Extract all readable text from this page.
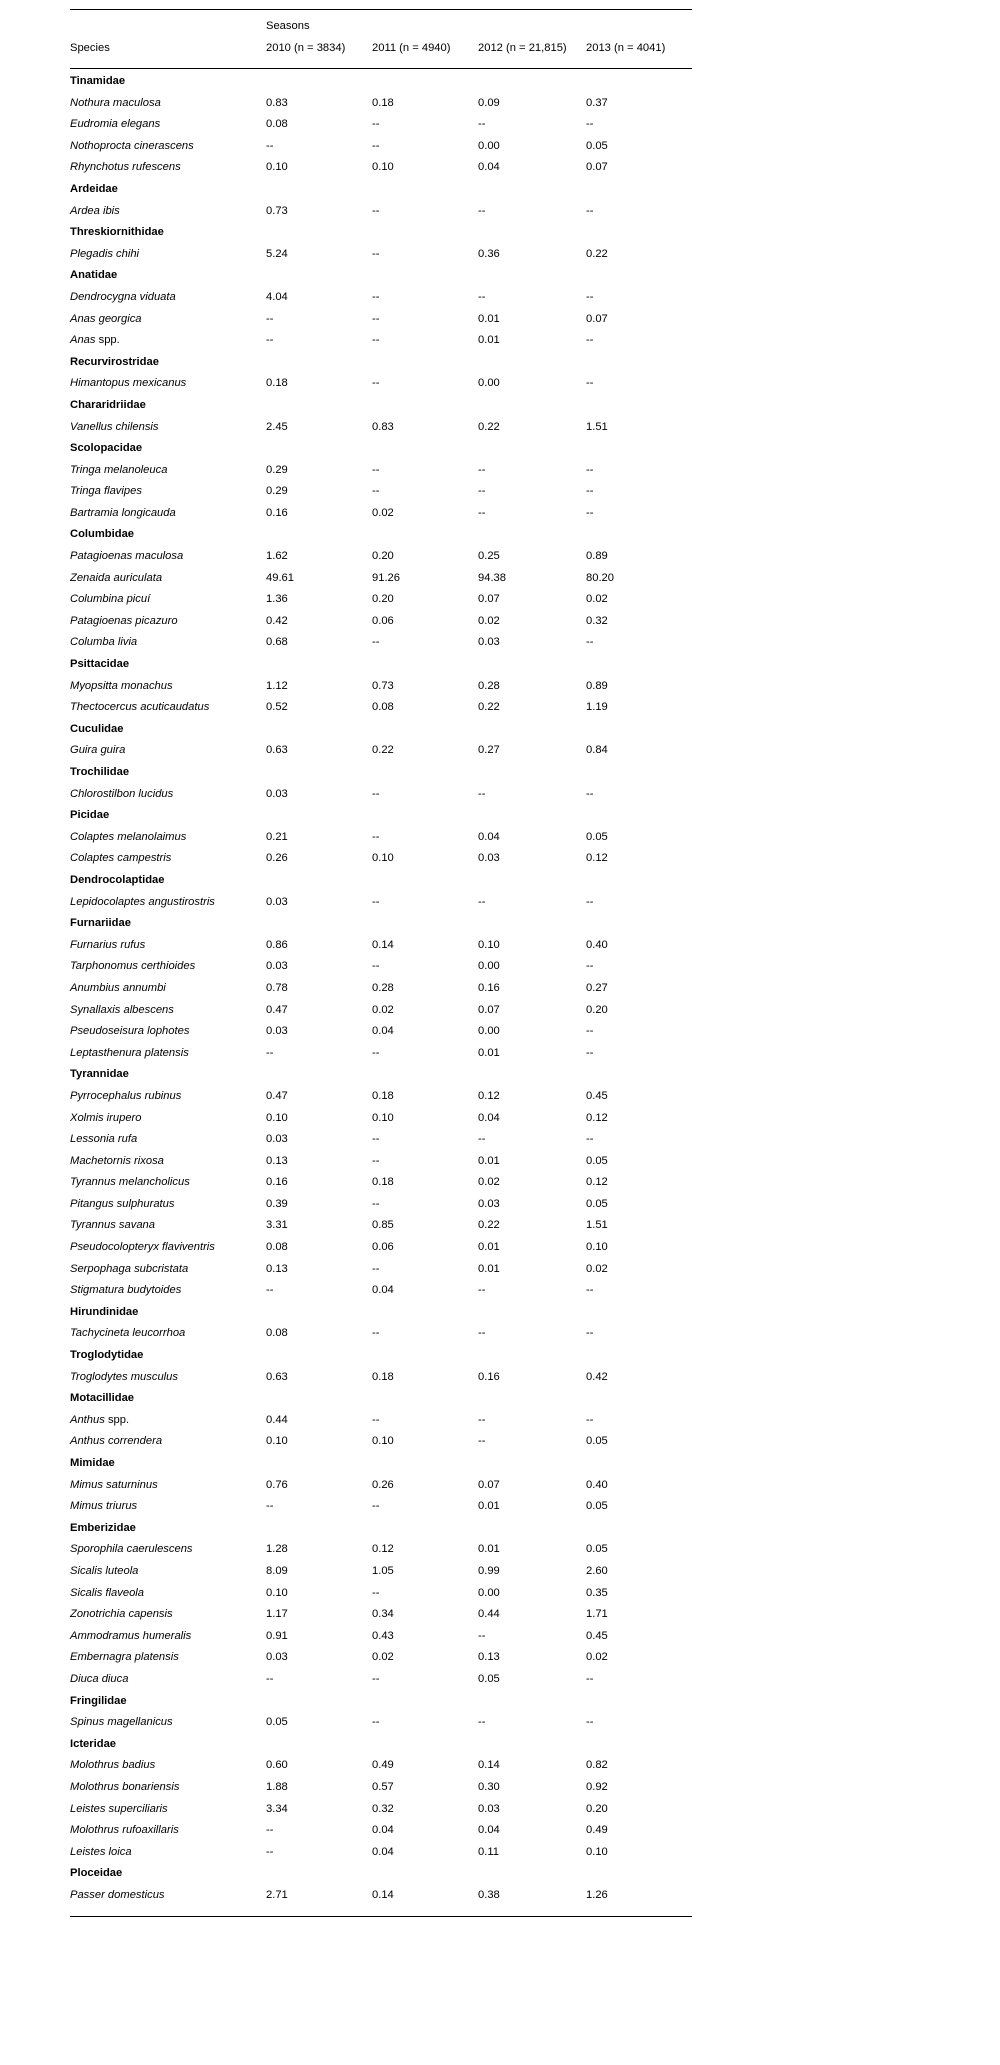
	Seasons			
Species	2010 (n = 3834)	2011 (n = 4940)	2012 (n = 21,815)	2013 (n = 4041)

Tinamidae				
Nothura maculosa	0.83	0.18	0.09	0.37
Eudromia elegans	0.08	--	--	--
Nothoprocta cinerascens	--	--	0.00	0.05
Rhynchotus rufescens	0.10	0.10	0.04	0.07
Ardeidae				
Ardea ibis	0.73	--	--	--
Threskiornithidae				
Plegadis chihi	5.24	--	0.36	0.22
Anatidae				
Dendrocygna viduata	4.04	--	--	--
Anas georgica	--	--	0.01	0.07
Anas spp.	--	--	0.01	--
Recurvirostridae				
Himantopus mexicanus	0.18	--	0.00	--
Chararidriidae				
Vanellus chilensis	2.45	0.83	0.22	1.51
Scolopacidae				
Tringa melanoleuca	0.29	--	--	--
Tringa flavipes	0.29	--	--	--
Bartramia longicauda	0.16	0.02	--	--
Columbidae				
Patagioenas maculosa	1.62	0.20	0.25	0.89
Zenaida auriculata	49.61	91.26	94.38	80.20
Columbina picuí	1.36	0.20	0.07	0.02
Patagioenas picazuro	0.42	0.06	0.02	0.32
Columba livia	0.68	--	0.03	--
Psittacidae				
Myopsitta monachus	1.12	0.73	0.28	0.89
Thectocercus acuticaudatus	0.52	0.08	0.22	1.19
Cuculidae				
Guira guira	0.63	0.22	0.27	0.84
Trochilidae				
Chlorostilbon lucidus	0.03	--	--	--
Picidae				
Colaptes melanolaimus	0.21	--	0.04	0.05
Colaptes campestris	0.26	0.10	0.03	0.12
Dendrocolaptidae				
Lepidocolaptes angustirostris	0.03	--	--	--
Furnariidae				
Furnarius rufus	0.86	0.14	0.10	0.40
Tarphonomus certhioides	0.03	--	0.00	--
Anumbius annumbi	0.78	0.28	0.16	0.27
Synallaxis albescens	0.47	0.02	0.07	0.20
Pseudoseisura lophotes	0.03	0.04	0.00	--
Leptasthenura platensis	--	--	0.01	--
Tyrannidae				
Pyrrocephalus rubinus	0.47	0.18	0.12	0.45
Xolmis irupero	0.10	0.10	0.04	0.12
Lessonia rufa	0.03	--	--	--
Machetornis rixosa	0.13	--	0.01	0.05
Tyrannus melancholicus	0.16	0.18	0.02	0.12
Pitangus sulphuratus	0.39	--	0.03	0.05
Tyrannus savana	3.31	0.85	0.22	1.51
Pseudocolopteryx flaviventris	0.08	0.06	0.01	0.10
Serpophaga subcristata	0.13	--	0.01	0.02
Stigmatura budytoides	--	0.04	--	--
Hirundinidae				
Tachycineta leucorrhoa	0.08	--	--	--
Troglodytidae				
Troglodytes musculus	0.63	0.18	0.16	0.42
Motacillidae				
Anthus spp.	0.44	--	--	--
Anthus correndera	0.10	0.10	--	0.05
Mimidae				
Mimus saturninus	0.76	0.26	0.07	0.40
Mimus triurus	--	--	0.01	0.05
Emberizidae				
Sporophila caerulescens	1.28	0.12	0.01	0.05
Sicalis luteola	8.09	1.05	0.99	2.60
Sicalis flaveola	0.10	--	0.00	0.35
Zonotrichia capensis	1.17	0.34	0.44	1.71
Ammodramus humeralis	0.91	0.43	--	0.45
Embernagra platensis	0.03	0.02	0.13	0.02
Diuca diuca	--	--	0.05	--
Fringilidae				
Spinus magellanicus	0.05	--	--	--
Icteridae				
Molothrus badius	0.60	0.49	0.14	0.82
Molothrus bonariensis	1.88	0.57	0.30	0.92
Leistes superciliaris	3.34	0.32	0.03	0.20
Molothrus rufoaxillaris	--	0.04	0.04	0.49
Leistes loica	--	0.04	0.11	0.10
Ploceidae				
Passer domesticus	2.71	0.14	0.38	1.26
